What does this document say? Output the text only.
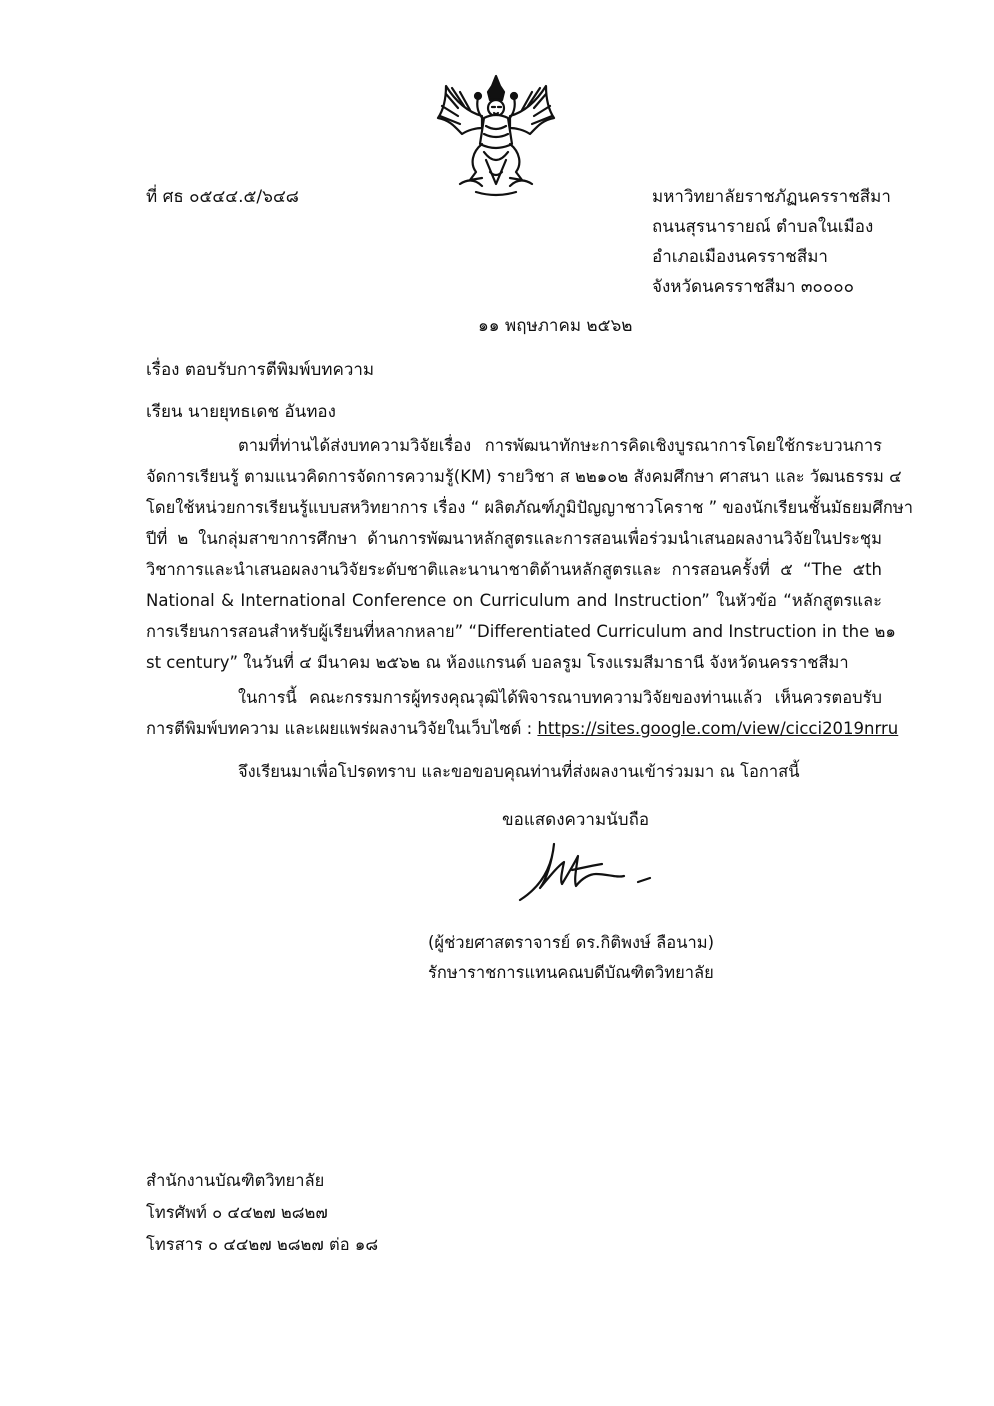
ที่ ศธ ๐๕๔๔.๕/๖๔๘	มหาวิทยาลัยราชภัฏนครราชสีมา
ถนนสุรนารายณ์ ตำบลในเมือง
อำเภอเมืองนครราชสีมา
จังหวัดนครราชสีมา ๓๐๐๐๐
๑๑ พฤษภาคม ๒๕๖๒
เรื่อง ตอบรับการตีพิมพ์บทความ
เรียน นายยุทธเดช อันทอง
ตามที่ท่านได้ส่งบทความวิจัยเรื่อง การพัฒนาทักษะการคิดเชิงบูรณาการโดยใช้กระบวนการ
จัดการเรียนรู้ ตามแนวคิดการจัดการความรู้(KM) รายวิชา ส ๒๒๑๐๒ สังคมศึกษา ศาสนา และ วัฒนธรรม ๔
โดยใช้หน่วยการเรียนรู้แบบสหวิทยาการ เรื่อง “ ผลิตภัณฑ์ภูมิปัญญาชาวโคราช ” ของนักเรียนชั้นมัธยมศึกษา
ปีที่ ๒ ในกลุ่มสาขาการศึกษา ด้านการพัฒนาหลักสูตรและการสอนเพื่อร่วมนำเสนอผลงานวิจัยในประชุม
วิชาการและนำเสนอผลงานวิจัยระดับชาติและนานาชาติด้านหลักสูตรและ การสอนครั้งที่ ๕ “The ๕th
National & International Conference on Curriculum and Instruction” ในหัวข้อ “หลักสูตรและ
การเรียนการสอนสำหรับผู้เรียนที่หลากหลาย” “Differentiated Curriculum and Instruction in the ๒๑
st century” ในวันที่ ๔ มีนาคม ๒๕๖๒ ณ ห้องแกรนด์ บอลรูม โรงแรมสีมาธานี จังหวัดนครราชสีมา
ในการนี้ คณะกรรมการผู้ทรงคุณวุฒิได้พิจารณาบทความวิจัยของท่านแล้ว เห็นควรตอบรับ
การตีพิมพ์บทความ และเผยแพร่ผลงานวิจัยในเว็บไซต์ : https://sites.google.com/view/cicci2019nrru
จึงเรียนมาเพื่อโปรดทราบ และขอขอบคุณท่านที่ส่งผลงานเข้าร่วมมา ณ โอกาสนี้
ขอแสดงความนับถือ
(ผู้ช่วยศาสตราจารย์ ดร.กิติพงษ์ ลือนาม)
รักษาราชการแทนคณบดีบัณฑิตวิทยาลัย
สำนักงานบัณฑิตวิทยาลัย
โทรศัพท์ ๐ ๔๔๒๗ ๒๘๒๗
โทรสาร ๐ ๔๔๒๗ ๒๘๒๗ ต่อ ๑๘
